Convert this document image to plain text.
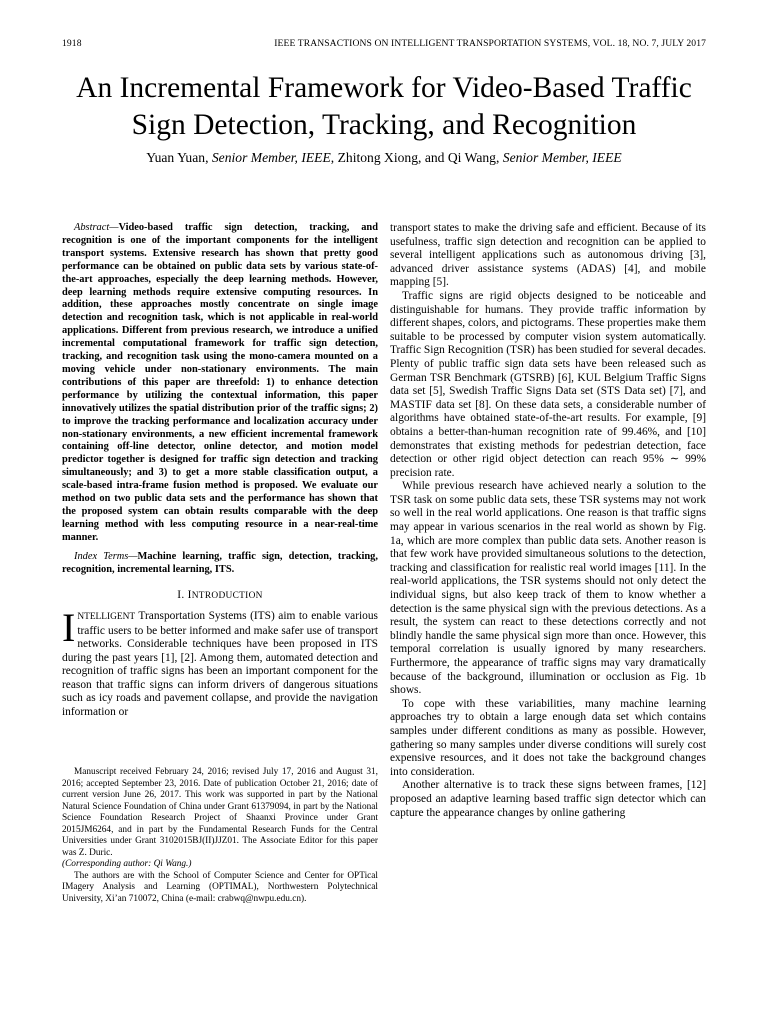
1918	IEEE TRANSACTIONS ON INTELLIGENT TRANSPORTATION SYSTEMS, VOL. 18, NO. 7, JULY 2017
An Incremental Framework for Video-Based Traffic
Sign Detection, Tracking, and Recognition
Yuan Yuan, Senior Member, IEEE, Zhitong Xiong, and Qi Wang, Senior Member, IEEE

Abstract—Video-based traffic sign detection, tracking, and recognition is one of the important components for the intelligent transport systems. Extensive research has shown that pretty good performance can be obtained on public data sets by various state-of-the-art approaches, especially the deep learning methods. However, deep learning methods require extensive computing resources. In addition, these approaches mostly concentrate on single image detection and recognition task, which is not applicable in real-world applications. Different from previous research, we introduce a unified incremental computational framework for traffic sign detection, tracking, and recognition task using the mono-camera mounted on a moving vehicle under non-stationary environments. The main contributions of this paper are threefold: 1) to enhance detection performance by utilizing the contextual information, this paper innovatively utilizes the spatial distribution prior of the traffic signs; 2) to improve the tracking performance and localization accuracy under non-stationary environments, a new efficient incremental framework containing off-line detector, online detector, and motion model predictor together is designed for traffic sign detection and tracking simultaneously; and 3) to get a more stable classification output, a scale-based intra-frame fusion method is proposed. We evaluate our method on two public data sets and the performance has shown that the proposed system can obtain results comparable with the deep learning method with less computing resource in a near-real-time manner.

Index Terms—Machine learning, traffic sign, detection, tracking, recognition, incremental learning, ITS.

I. INTRODUCTION

INTELLIGENT Transportation Systems (ITS) aim to enable various traffic users to be better informed and make safer use of transport networks. Considerable techniques have been proposed in ITS during the past years [1], [2]. Among them, automated detection and recognition of traffic signs has been an important component for the reason that traffic signs can inform drivers of dangerous situations such as icy roads and pavement collapse, and provide the navigation information or

Manuscript received February 24, 2016; revised July 17, 2016 and August 31, 2016; accepted September 23, 2016. Date of publication October 21, 2016; date of current version June 26, 2017. This work was supported in part by the National Natural Science Foundation of China under Grant 61379094, in part by the National Science Foundation Research Project of Shaanxi Province under Grant 2015JM6264, and in part by the Fundamental Research Funds for the Central Universities under Grant 3102015BJ(II)JJZ01. The Associate Editor for this paper was Z. Duric.

(Corresponding author: Qi Wang.)

The authors are with the School of Computer Science and Center for OPTical IMagery Analysis and Learning (OPTIMAL), Northwestern Polytechnical University, Xi’an 710072, China (e-mail: crabwq@nwpu.edu.cn).

transport states to make the driving safe and efficient. Because of its usefulness, traffic sign detection and recognition can be applied to several intelligent applications such as autonomous driving [3], advanced driver assistance systems (ADAS) [4], and mobile mapping [5].

Traffic signs are rigid objects designed to be noticeable and distinguishable for humans. They provide traffic information by different shapes, colors, and pictograms. These properties make them suitable to be processed by computer vision system automatically. Traffic Sign Recognition (TSR) has been studied for several decades. Plenty of public traffic sign data sets have been released such as German TSR Benchmark (GTSRB) [6], KUL Belgium Traffic Signs data set [5], Swedish Traffic Signs Data set (STS Data set) [7], and MASTIF data set [8]. On these data sets, a considerable number of algorithms have obtained state-of-the-art results. For example, [9] obtains a better-than-human recognition rate of 99.46%, and [10] demonstrates that existing methods for pedestrian detection, face detection or other rigid object detection can reach 95% ∼ 99% precision rate.

While previous research have achieved nearly a solution to the TSR task on some public data sets, these TSR systems may not work so well in the real world applications. One reason is that traffic signs may appear in various scenarios in the real world as shown by Fig. 1a, which are more complex than public data sets. Another reason is that few work have provided simultaneous solutions to the detection, tracking and classification for realistic real world images [11]. In the real-world applications, the TSR systems should not only detect the individual signs, but also keep track of them to know whether a detection is the same physical sign with the previous detections. As a result, the system can react to these detections correctly and not blindly handle the same physical sign more than once. However, this temporal correlation is usually ignored by many researchers. Furthermore, the appearance of traffic signs may vary dramatically because of the background, illumination or occlusion as Fig. 1b shows.

To cope with these variabilities, many machine learning approaches try to obtain a large enough data set which contains samples under different conditions as many as possible. However, gathering so many samples under diverse conditions will surely cost expensive resources, and it does not take the background changes into consideration.

Another alternative is to track these signs between frames, [12] proposed an adaptive learning based traffic sign detector which can capture the appearance changes by online gathering
